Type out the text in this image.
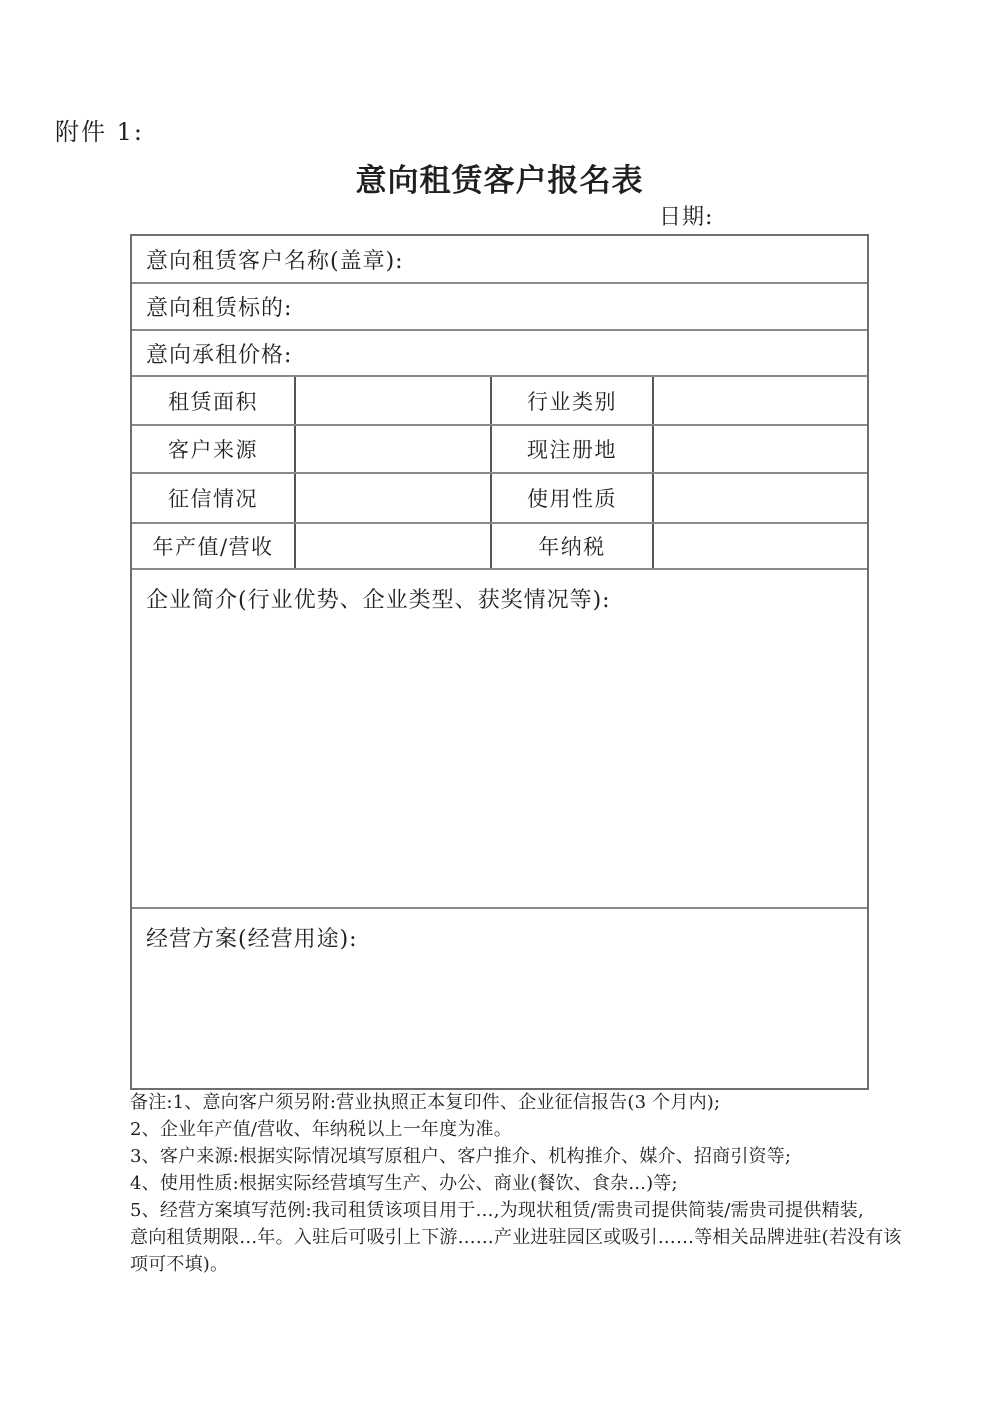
附件 1:
意向租赁客户报名表
日期:
意向租赁客户名称(盖章):
意向租赁标的:
意向承租价格:
租赁面积	行业类别
客户来源	现注册地
征信情况	使用性质
年产值/营收	年纳税
企业简介(行业优势、企业类型、获奖情况等):
经营方案(经营用途):
备注:1、意向客户须另附:营业执照正本复印件、企业征信报告(3 个月内);
2、企业年产值/营收、年纳税以上一年度为准。
3、客户来源:根据实际情况填写原租户、客户推介、机构推介、媒介、招商引资等;
4、使用性质:根据实际经营填写生产、办公、商业(餐饮、食杂...)等;
5、经营方案填写范例:我司租赁该项目用于…,为现状租赁/需贵司提供简装/需贵司提供精装,
意向租赁期限…年。入驻后可吸引上下游……产业进驻园区或吸引……等相关品牌进驻(若没有该
项可不填)。
